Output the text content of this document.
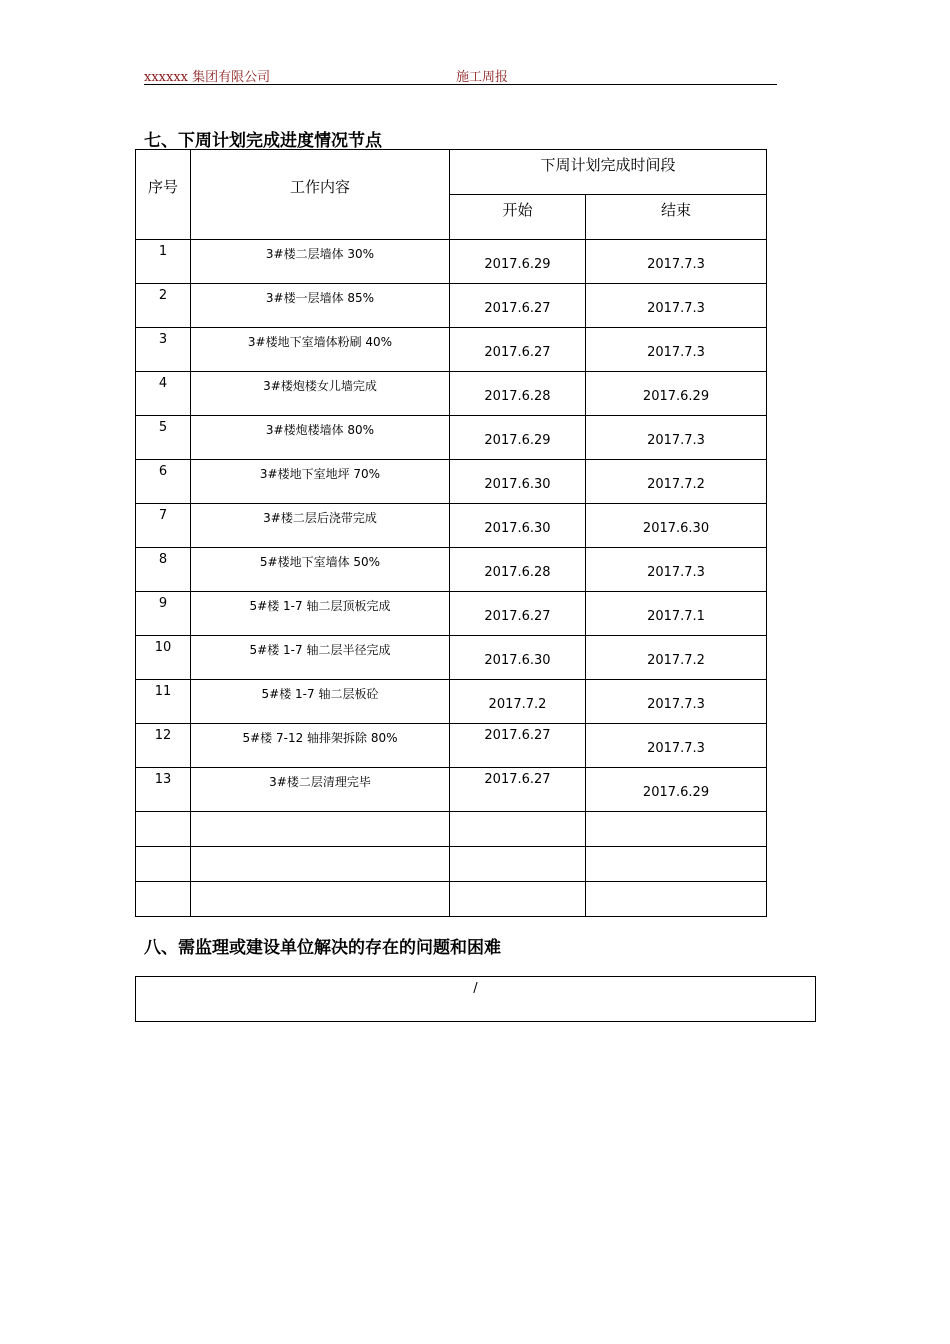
xxxxxx 集团有限公司	施工周报
七、下周计划完成进度情况节点
序号	工作内容	下周计划完成时间段	
		开始	结束
1	3#楼二层墙体 30%	2017.6.29	2017.7.3
2	3#楼一层墙体 85%	2017.6.27	2017.7.3
3	3#楼地下室墙体粉刷 40%	2017.6.27	2017.7.3
4	3#楼炮楼女儿墙完成	2017.6.28	2017.6.29
5	3#楼炮楼墙体 80%	2017.6.29	2017.7.3
6	3#楼地下室地坪 70%	2017.6.30	2017.7.2
7	3#楼二层后浇带完成	2017.6.30	2017.6.30
8	5#楼地下室墙体 50%	2017.6.28	2017.7.3
9	5#楼 1-7 轴二层顶板完成	2017.6.27	2017.7.1
10	5#楼 1-7 轴二层半径完成	2017.6.30	2017.7.2
11	5#楼 1-7 轴二层板砼	2017.7.2	2017.7.3
12	5#楼 7-12 轴排架拆除 80%	2017.6.27	2017.7.3
13	3#楼二层清理完毕	2017.6.27	2017.6.29

八、需监理或建设单位解决的存在的问题和困难
/
